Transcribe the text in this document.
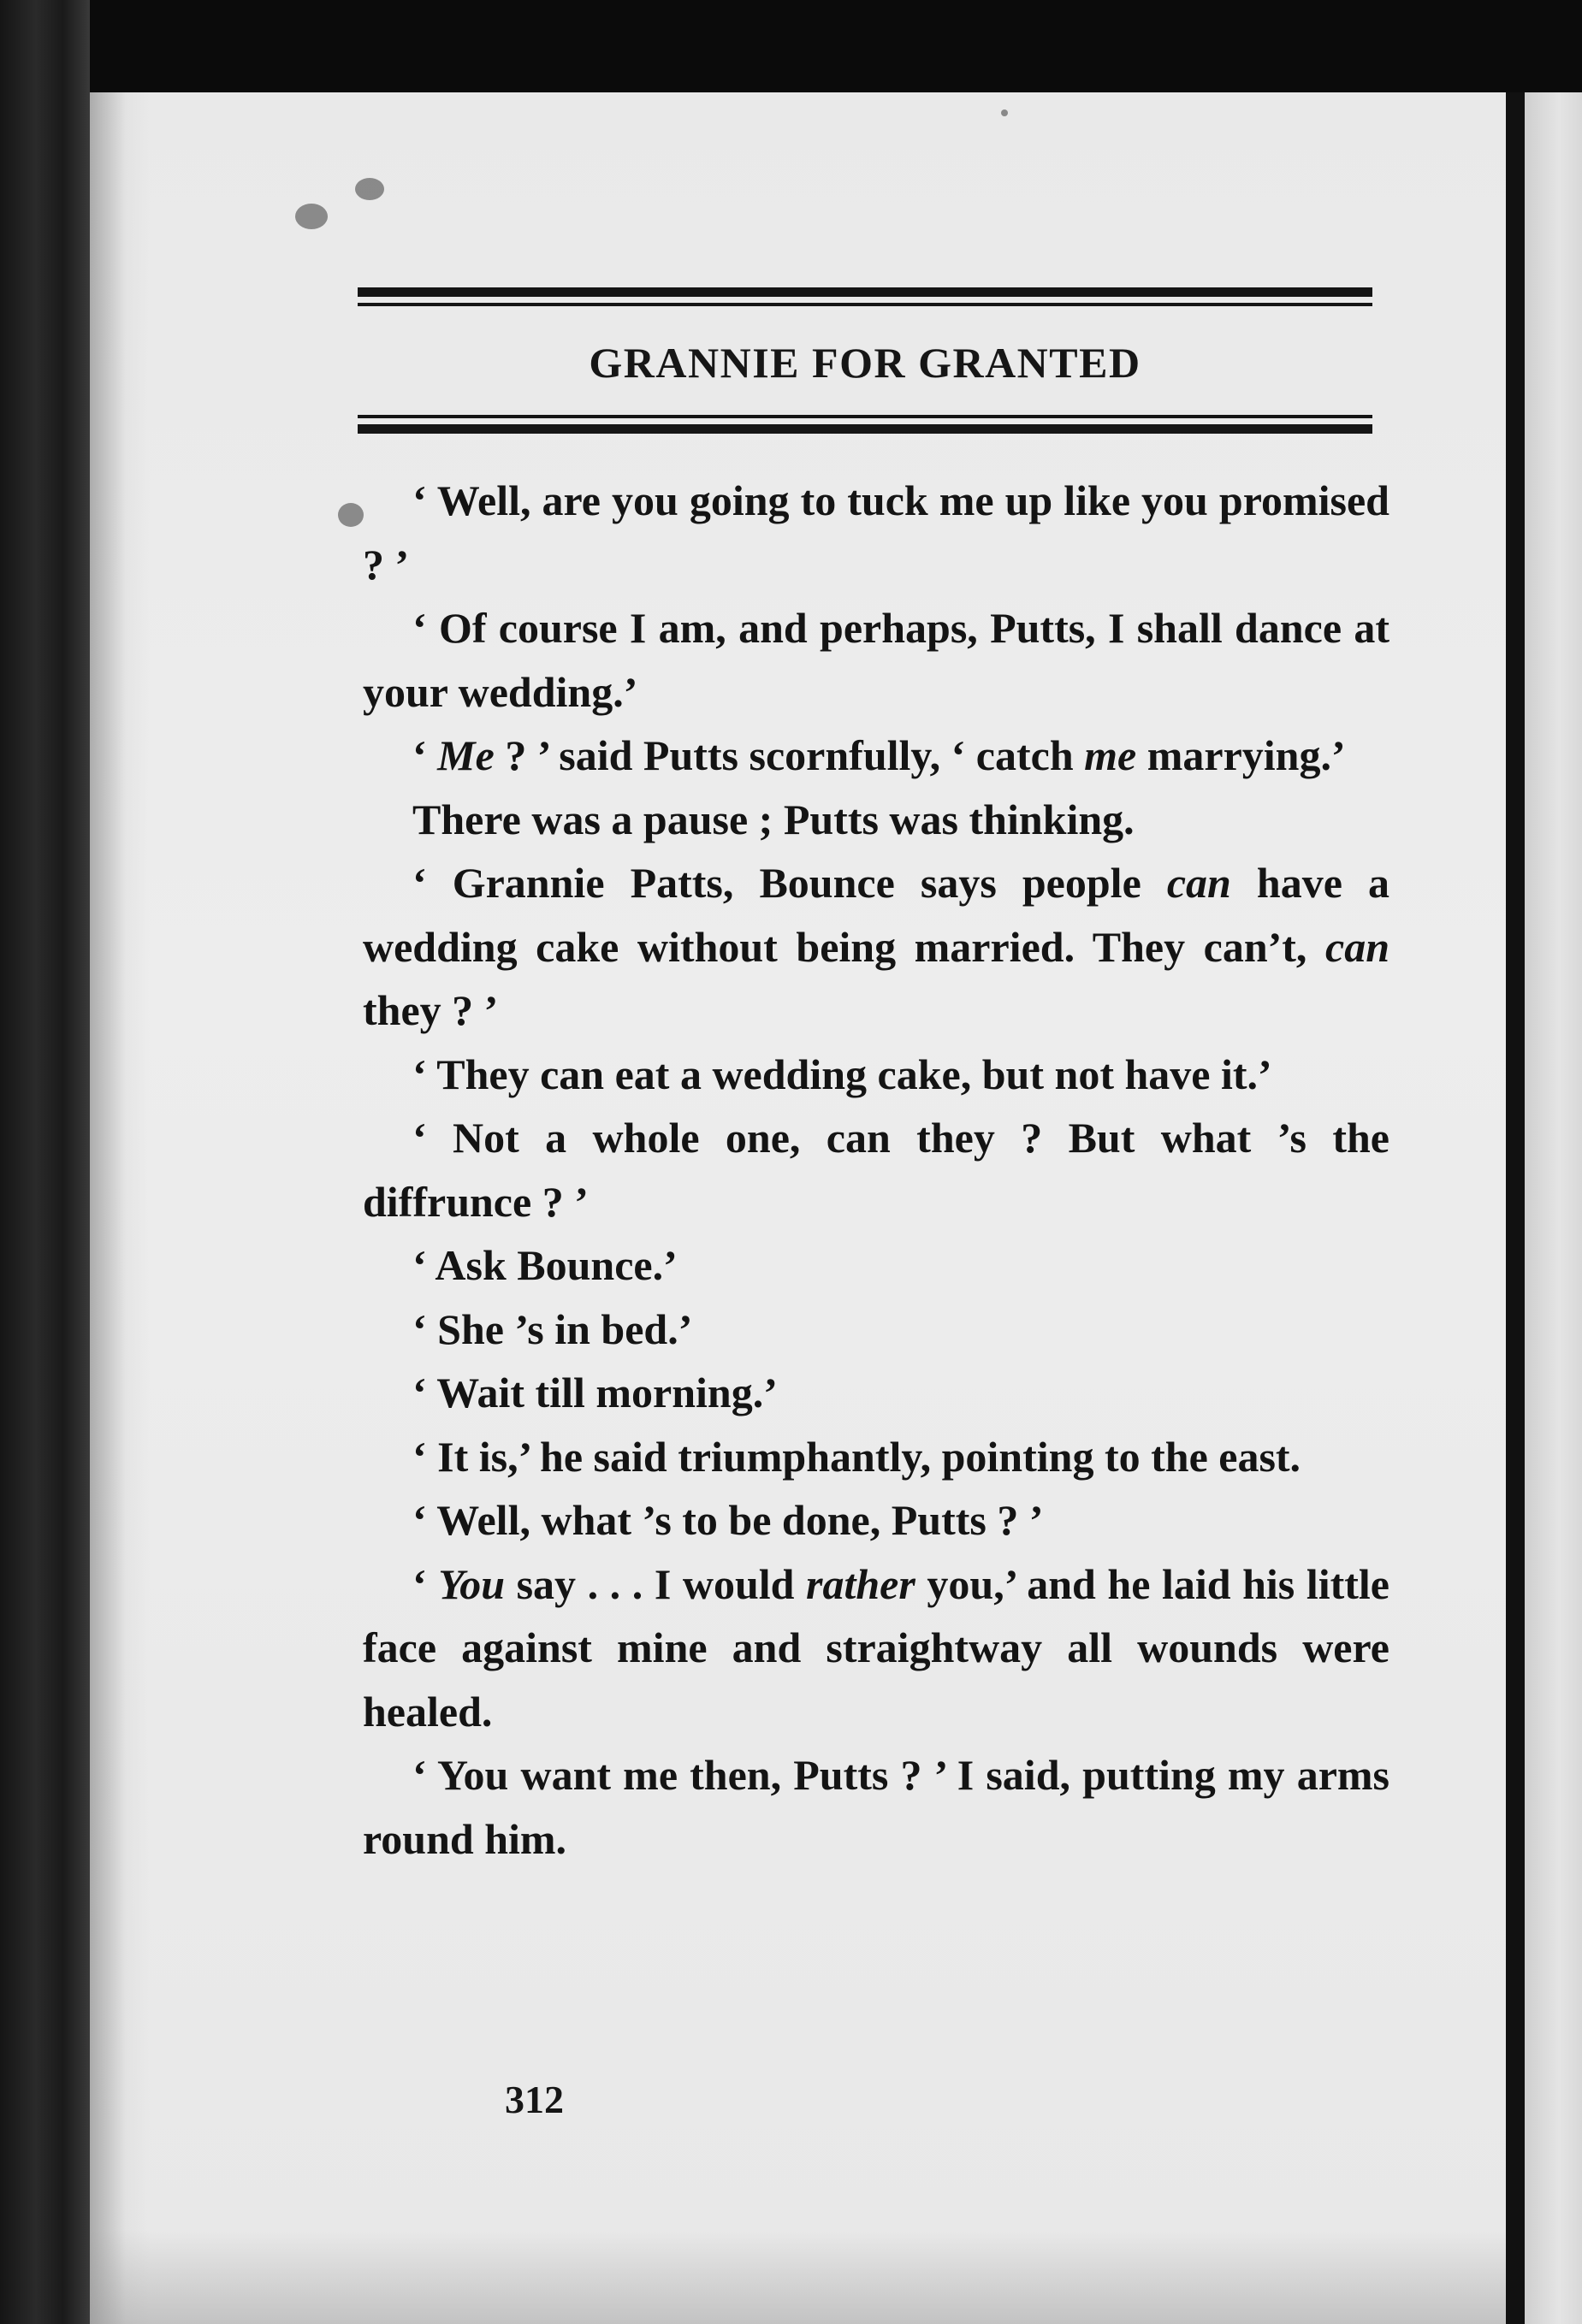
GRANNIE FOR GRANTED

‘ Well, are you going to tuck me up like you promised ? ’

‘ Of course I am, and perhaps, Putts, I shall dance at your wedding.’

‘ Me ? ’ said Putts scornfully, ‘ catch me marrying.’

There was a pause ; Putts was thinking.

‘ Grannie Patts, Bounce says people can have a wedding cake without being married. They can’t, can they ? ’

‘ They can eat a wedding cake, but not have it.’

‘ Not a whole one, can they ? But what ’s the diffrunce ? ’

‘ Ask Bounce.’

‘ She ’s in bed.’

‘ Wait till morning.’

‘ It is,’ he said triumphantly, pointing to the east.

‘ Well, what ’s to be done, Putts ? ’

‘ You say . . . I would rather you,’ and he laid his little face against mine and straightway all wounds were healed.

‘ You want me then, Putts ? ’ I said, putting my arms round him.

312
